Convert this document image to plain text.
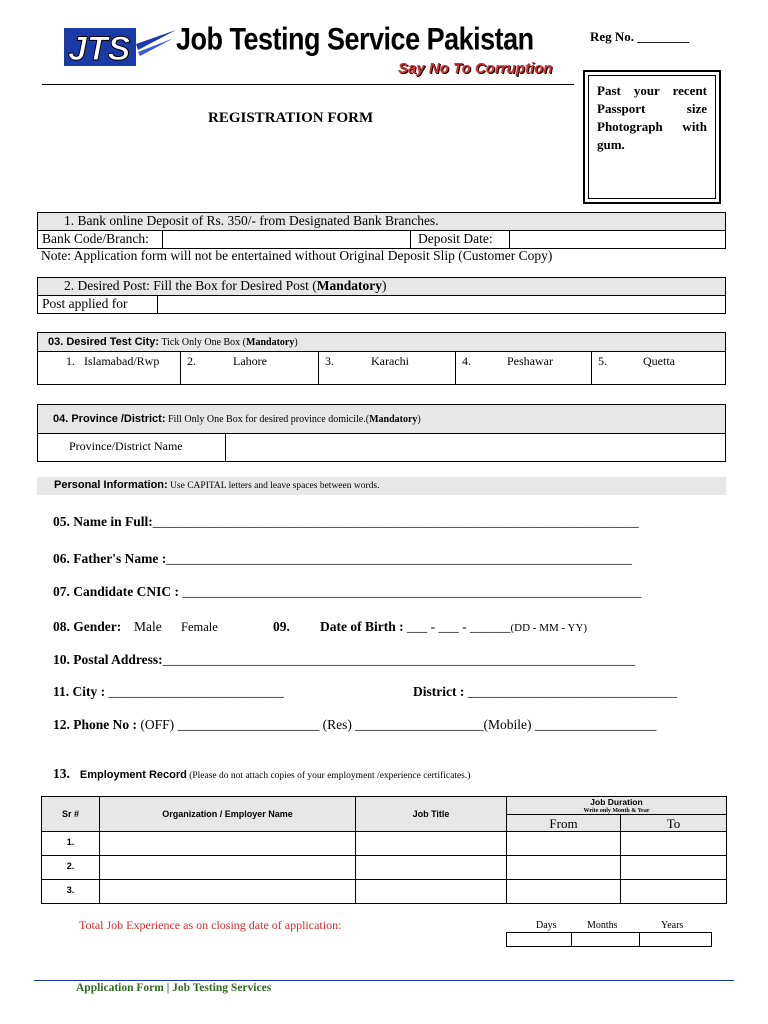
JTS Job Testing Service Pakistan
Say No To Corruption
Reg No. ________
Past your recent Passport size Photograph with gum.
REGISTRATION FORM
1. Bank online Deposit of Rs. 350/- from Designated Bank Branches.
Bank Code/Branch:	Deposit Date:
Note: Application form will not be entertained without Original Deposit Slip (Customer Copy)
2. Desired Post: Fill the Box for Desired Post (Mandatory)
Post applied for
03. Desired Test City: Tick Only One Box (Mandatory)
1. Islamabad/Rwp 2.	Lahore	3.	Karachi	4.	Peshawar	5.	Quetta
04. Province /District: Fill Only One Box for desired province domicile.(Mandatory)
Province/District Name
Personal Information: Use CAPITAL letters and leave spaces between words.
05. Name in Full:________________________________________________________________________
06. Father's Name :_____________________________________________________________________
07. Candidate CNIC : ____________________________________________________________________
08. Gender: Male Female	09. Date of Birth : ___ - ___ - ______(DD - MM - YY)
10. Postal Address:______________________________________________________________________
11. City : __________________________	District : _______________________________
12. Phone No : (OFF) _____________________ (Res) ___________________(Mobile) __________________
13. Employment Record (Please do not attach copies of your employment /experience certificates.)
Sr #	Organization / Employer Name	Job Title
Job Duration
Write only Month & Year
From	To
1.
2.
3.
Total Job Experience as on closing date of application:	Days	Months	Years
Application Form | Job Testing Services
